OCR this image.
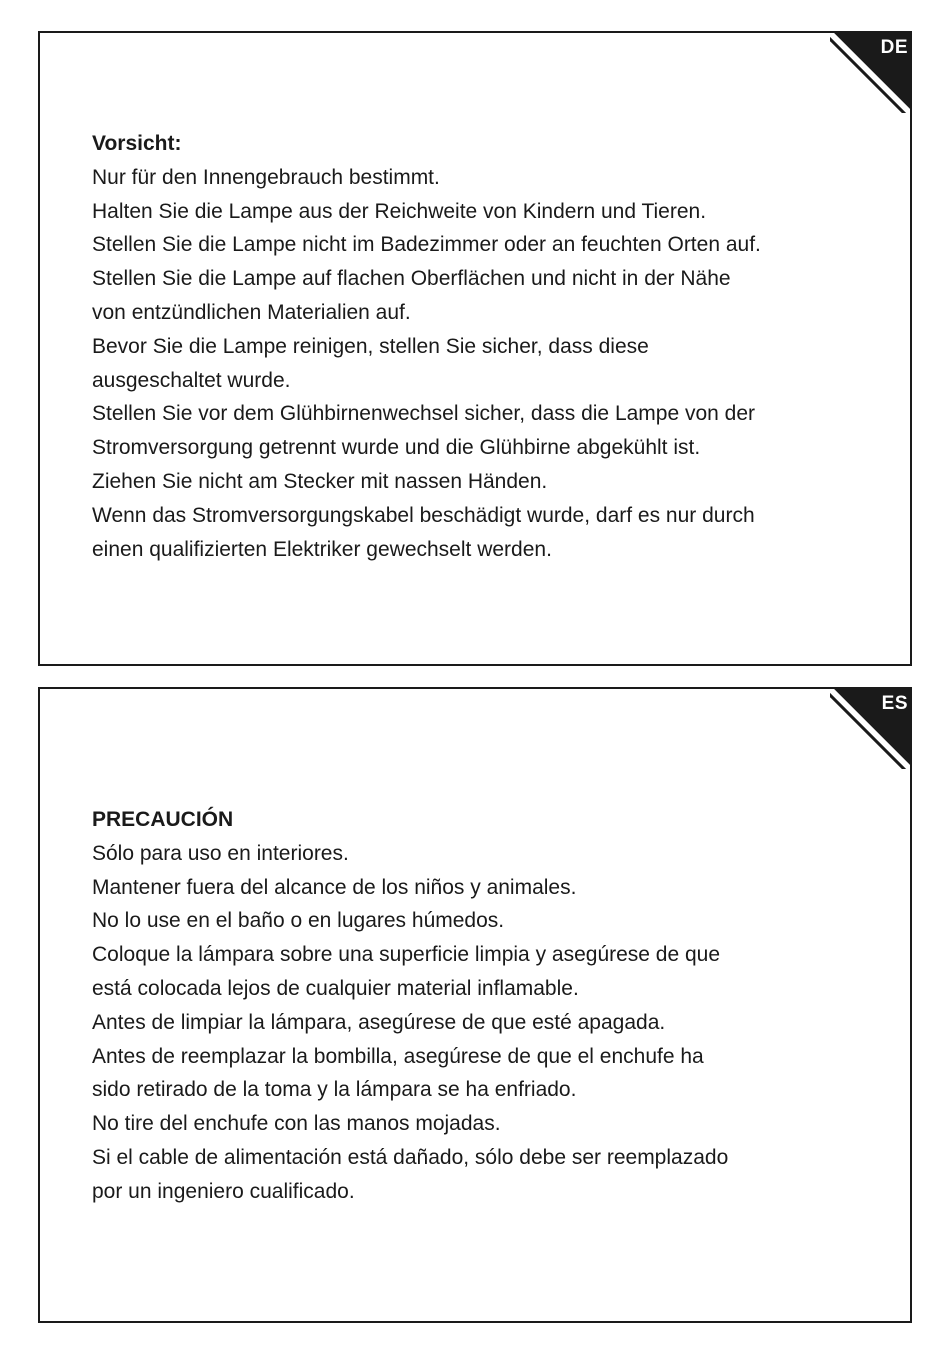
DE
Vorsicht:
Nur für den Innengebrauch bestimmt.
Halten Sie die Lampe aus der Reichweite von Kindern und Tieren.
Stellen Sie die Lampe nicht im Badezimmer oder an feuchten Orten auf.
Stellen Sie die Lampe auf flachen Oberflächen und nicht in der Nähe
von entzündlichen Materialien auf.
Bevor Sie die Lampe reinigen, stellen Sie sicher, dass diese
ausgeschaltet wurde.
Stellen Sie vor dem Glühbirnenwechsel sicher, dass die Lampe von der
Stromversorgung getrennt wurde und die Glühbirne abgekühlt ist.
Ziehen Sie nicht am Stecker mit nassen Händen.
Wenn das Stromversorgungskabel beschädigt wurde, darf es nur durch
einen qualifizierten Elektriker gewechselt werden.
ES
PRECAUCIÓN
Sólo para uso en interiores.
Mantener fuera del alcance de los niños y animales.
No lo use en el baño o en lugares húmedos.
Coloque la lámpara sobre una superficie limpia y asegúrese de que
está colocada lejos de cualquier material inflamable.
Antes de limpiar la lámpara, asegúrese de que esté apagada.
Antes de reemplazar la bombilla, asegúrese de que el enchufe ha
sido retirado de la toma y la lámpara se ha enfriado.
No tire del enchufe con las manos mojadas.
Si el cable de alimentación está dañado, sólo debe ser reemplazado
por un ingeniero cualificado.
